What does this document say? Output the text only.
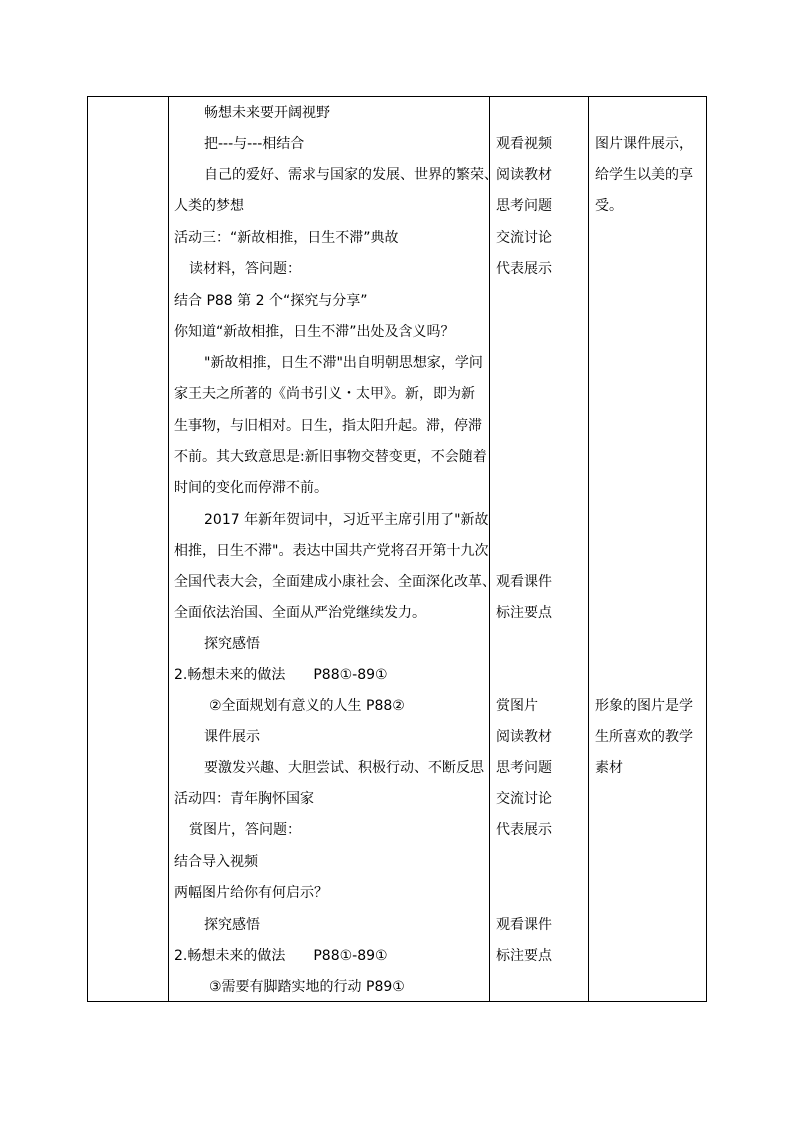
畅想未来要开阔视野
把---与---相结合
自己的爱好、需求与国家的发展、世界的繁荣、
人类的梦想
活动三：“新故相推，日生不滞”典故
读材料，答问题：
结合 P88 第 2 个“探究与分享”
你知道“新故相推，日生不滞”出处及含义吗？
"新故相推，日生不滞"出自明朝思想家，学问
家王夫之所著的《尚书引义・太甲》。新，即为新
生事物，与旧相对。日生，指太阳升起。滞，停滞
不前。其大致意思是:新旧事物交替变更，不会随着
时间的变化而停滞不前。
2017 年新年贺词中，习近平主席引用了"新故
相推，日生不滞"。表达中国共产党将召开第十九次
全国代表大会，全面建成小康社会、全面深化改革、
全面依法治国、全面从严治党继续发力。
探究感悟
2.畅想未来的做法　　P88①-89①
②全面规划有意义的人生 P88②
课件展示
要激发兴趣、大胆尝试、积极行动、不断反思
活动四：青年胸怀国家
赏图片，答问题：
结合导入视频
两幅图片给你有何启示？
探究感悟
2.畅想未来的做法　　P88①-89①
③需要有脚踏实地的行动 P89①
观看视频
阅读教材
思考问题
交流讨论
代表展示
观看课件
标注要点
赏图片
阅读教材
思考问题
交流讨论
代表展示
观看课件
标注要点
图片课件展示，
给学生以美的享
受。
形象的图片是学
生所喜欢的教学
素材
